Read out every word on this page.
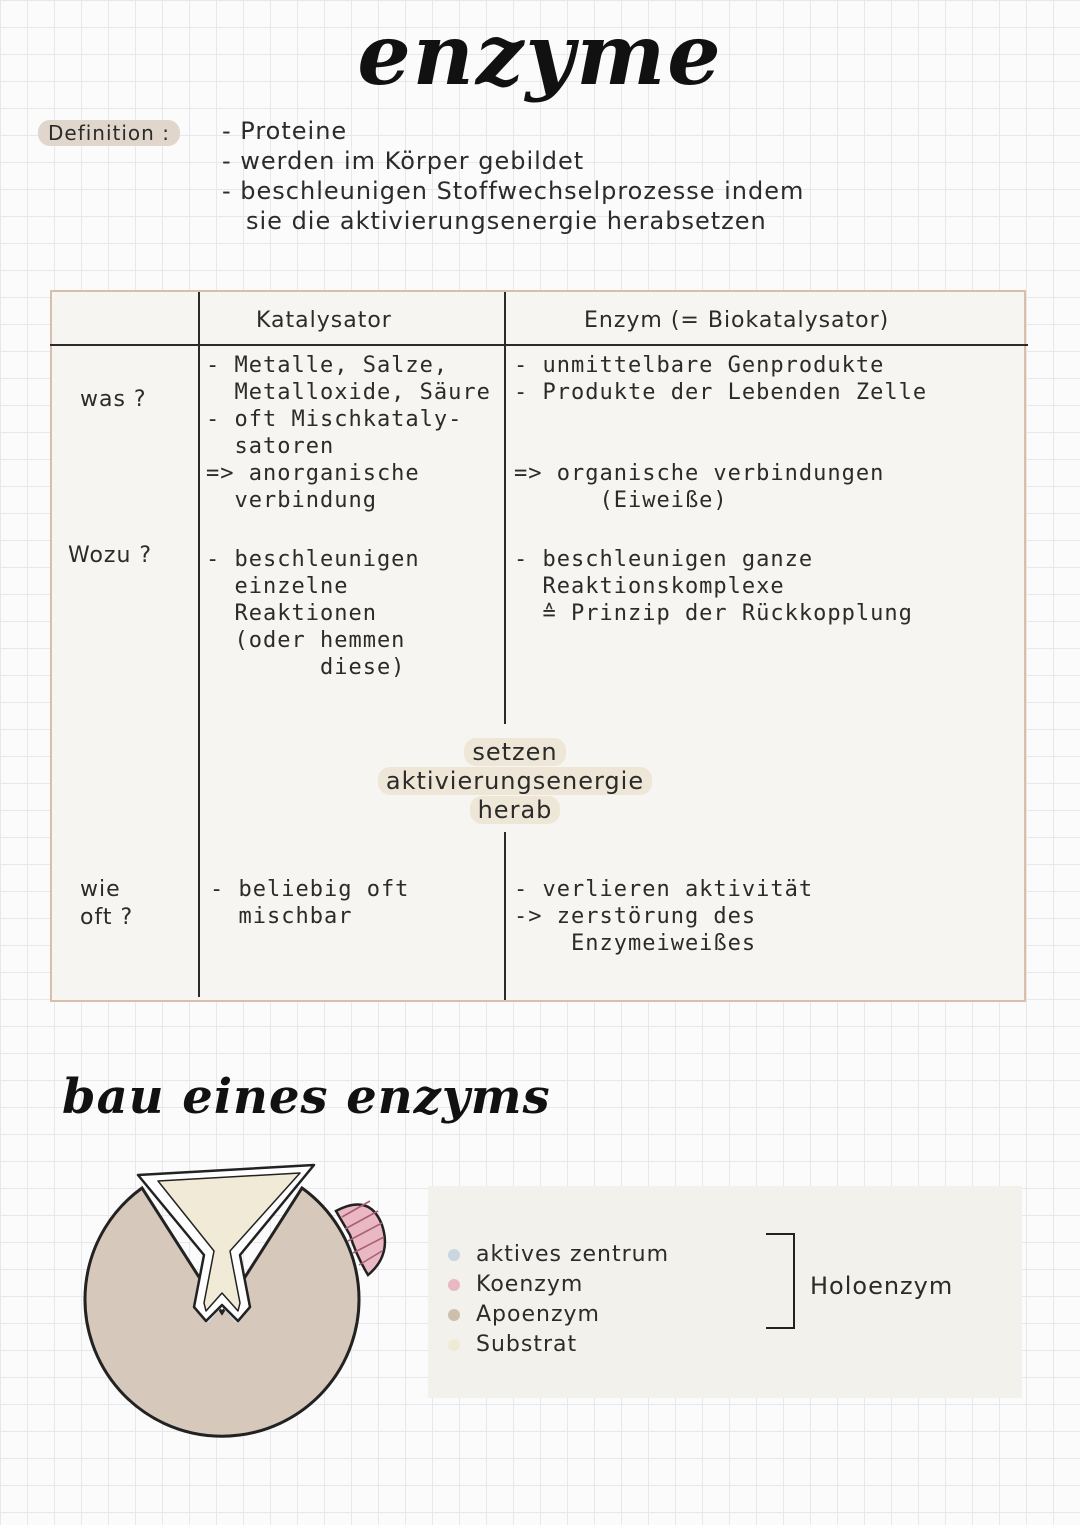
enzyme
Definition :	- Proteine
- werden im Körper gebildet
- beschleunigen Stoffwechselprozesse indem
sie die aktivierungsenergie herabsetzen
Katalysator	Enzym (= Biokatalysator)
was ?
- Metalle, Salze,
Metalloxide, Säure
- oft Mischkataly-
satoren
=> anorganische
verbindung
- unmittelbare Genprodukte
- Produkte der Lebenden Zelle

=> organische verbindungen
(Eiweiße)
Wozu ? - beschleunigen
einzelne
Reaktionen
(oder hemmen
diese)
- beschleunigen ganze
Reaktionskomplexe
≙ Prinzip der Rückkopplung
setzen
aktivierungsenergie
herab
wie
oft ?
- beliebig oft
mischbar
- verlieren aktivität
-> zerstörung des
Enzymeiweißes
bau eines enzyms
aktives zentrum
Koenzym
Apoenzym
Substrat
Holoenzym
